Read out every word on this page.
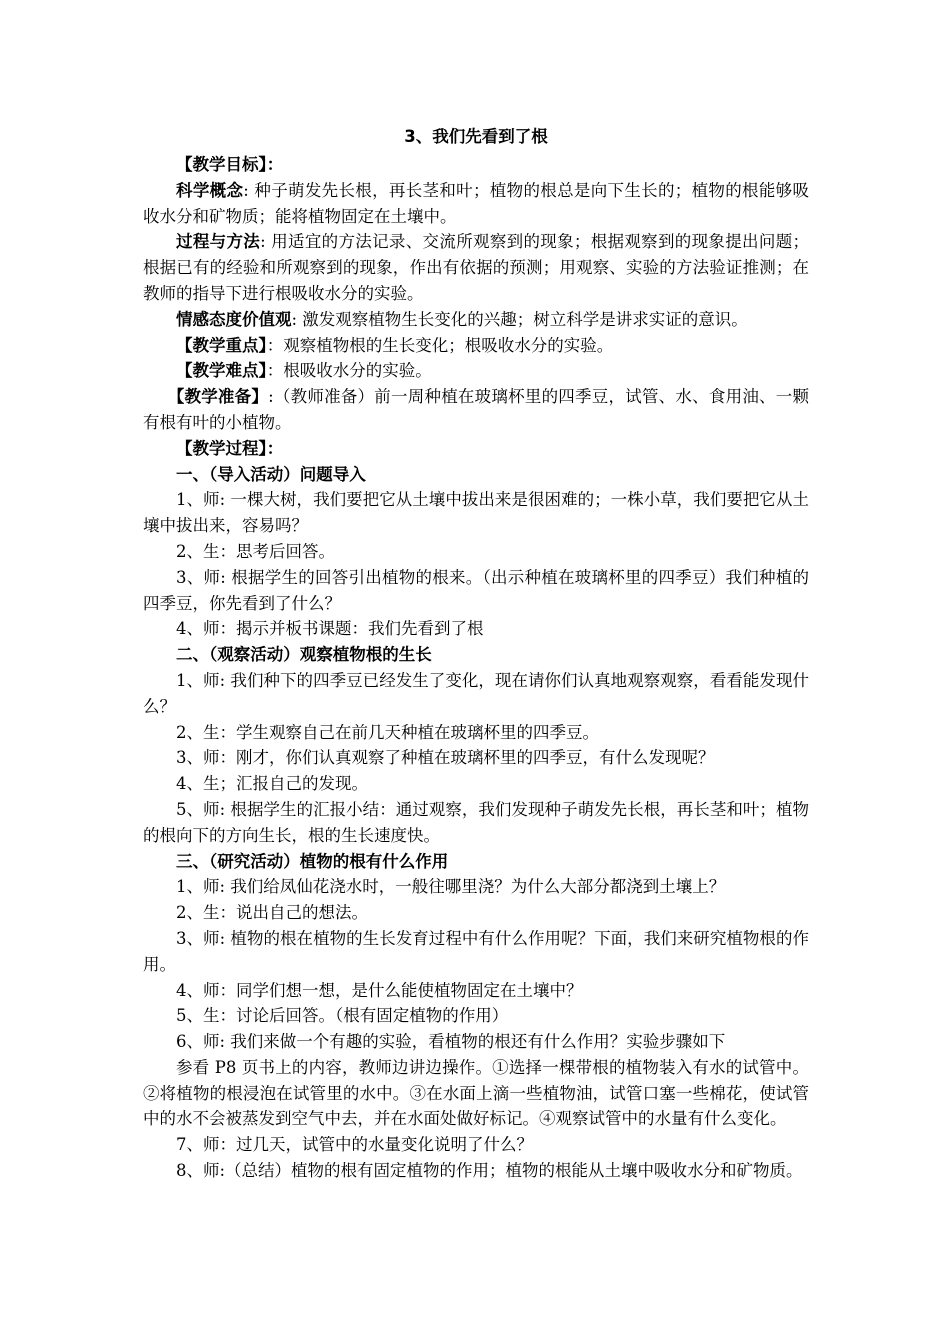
3、我们先看到了根

【教学目标】：

科学概念: 种子萌发先长根，再长茎和叶；植物的根总是向下生长的；植物的根能够吸收水分和矿物质；能将植物固定在土壤中。

过程与方法: 用适宜的方法记录、交流所观察到的现象；根据观察到的现象提出问题；根据已有的经验和所观察到的现象，作出有依据的预测；用观察、实验的方法验证推测；在教师的指导下进行根吸收水分的实验。

情感态度价值观: 激发观察植物生长变化的兴趣；树立科学是讲求实证的意识。

【教学重点】：观察植物根的生长变化；根吸收水分的实验。

【教学难点】：根吸收水分的实验。

【教学准备】:（教师准备）前一周种植在玻璃杯里的四季豆，试管、水、食用油、一颗有根有叶的小植物。

【教学过程】：

一、（导入活动）问题导入

1、师: 一棵大树，我们要把它从土壤中拔出来是很困难的；一株小草，我们要把它从土壤中拔出来，容易吗？

2、生：思考后回答。

3、师: 根据学生的回答引出植物的根来。（出示种植在玻璃杯里的四季豆）我们种植的四季豆，你先看到了什么？

4、师：揭示并板书课题：我们先看到了根

二、（观察活动）观察植物根的生长

1、师: 我们种下的四季豆已经发生了变化，现在请你们认真地观察观察，看看能发现什么？

2、生：学生观察自己在前几天种植在玻璃杯里的四季豆。

3、师：刚才，你们认真观察了种植在玻璃杯里的四季豆，有什么发现呢？

4、生；汇报自己的发现。

5、师: 根据学生的汇报小结：通过观察，我们发现种子萌发先长根，再长茎和叶；植物的根向下的方向生长，根的生长速度快。

三、（研究活动）植物的根有什么作用

1、师: 我们给凤仙花浇水时，一般往哪里浇？为什么大部分都浇到土壤上？

2、生：说出自己的想法。

3、师: 植物的根在植物的生长发育过程中有什么作用呢？下面，我们来研究植物根的作用。

4、师：同学们想一想，是什么能使植物固定在土壤中？

5、生：讨论后回答。（根有固定植物的作用）

6、师: 我们来做一个有趣的实验，看植物的根还有什么作用？实验步骤如下

参看 P8 页书上的内容，教师边讲边操作。①选择一棵带根的植物装入有水的试管中。②将植物的根浸泡在试管里的水中。③在水面上滴一些植物油，试管口塞一些棉花，使试管中的水不会被蒸发到空气中去，并在水面处做好标记。④观察试管中的水量有什么变化。

7、师：过几天，试管中的水量变化说明了什么？

8、师:（总结）植物的根有固定植物的作用；植物的根能从土壤中吸收水分和矿物质。
